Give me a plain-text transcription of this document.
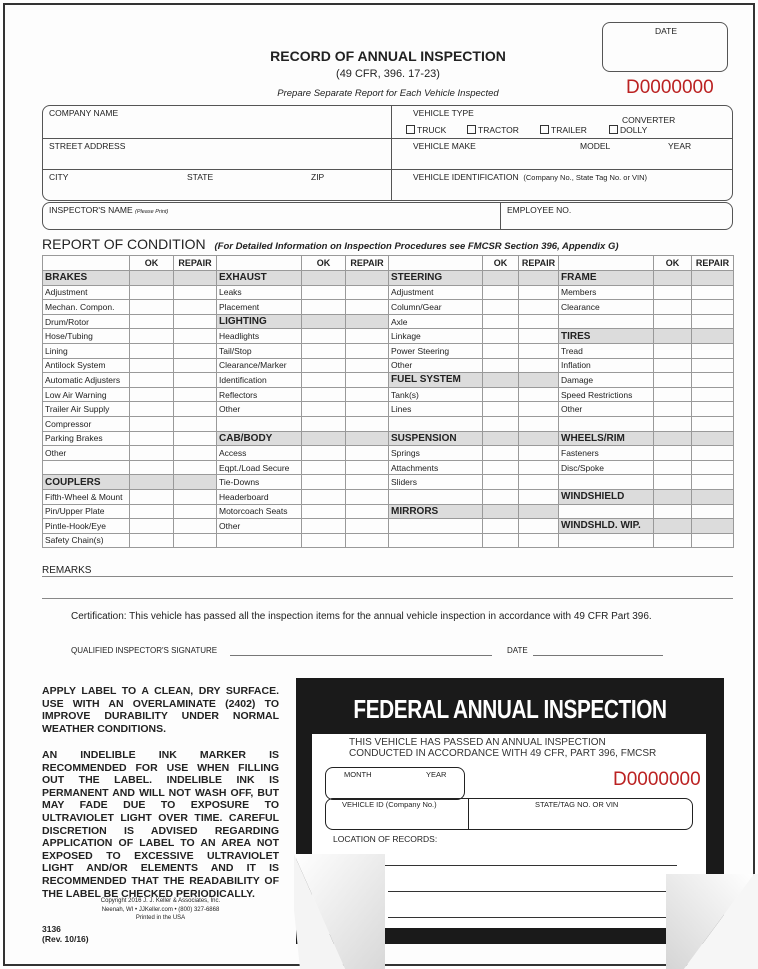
RECORD OF ANNUAL INSPECTION
(49 CFR, 396. 17-23)
Prepare Separate Report for Each Vehicle Inspected
DATE
D0000000
COMPANY NAME	VEHICLE TYPE
TRUCK	TRACTOR	TRAILER
CONVERTER
DOLLY
STREET ADDRESS	VEHICLE MAKE	MODEL	YEAR
CITY	STATE	ZIP	VEHICLE IDENTIFICATION (Company No., State Tag No. or VIN)
INSPECTOR'S NAME (Please Print)	EMPLOYEE NO.
REPORT OF CONDITION (For Detailed Information on Inspection Procedures see FMCSR Section 396, Appendix G)
	OK	REPAIR		OK	REPAIR		OK	REPAIR		OK	REPAIR
BRAKES			EXHAUST			STEERING			FRAME		
Adjustment			Leaks			Adjustment			Members		
Mechan. Compon.			Placement			Column/Gear			Clearance		
Drum/Rotor			LIGHTING			Axle					
Hose/Tubing			Headlights			Linkage			TIRES		
Lining			Tail/Stop			Power Steering			Tread		
Antilock System			Clearance/Marker			Other			Inflation		
Automatic Adjusters			Identification			FUEL SYSTEM			Damage		
Low Air Warning			Reflectors			Tank(s)			Speed Restrictions		
Trailer Air Supply			Other			Lines			Other		
Compressor											
Parking Brakes			CAB/BODY			SUSPENSION			WHEELS/RIM		
Other			Access			Springs			Fasteners		
			Eqpt./Load Secure			Attachments			Disc/Spoke		
COUPLERS			Tie-Downs			Sliders					
Fifth-Wheel & Mount			Headerboard						WINDSHIELD		
Pin/Upper Plate			Motorcoach Seats			MIRRORS					
Pintle-Hook/Eye			Other						WINDSHLD. WIP.		
Safety Chain(s)											
REMARKS
Certification: This vehicle has passed all the inspection items for the annual vehicle inspection in accordance with 49 CFR Part 396.
QUALIFIED INSPECTOR'S SIGNATURE	DATE
APPLY LABEL TO A CLEAN, DRY SURFACE. USE WITH AN OVERLAMINATE (2402) TO IMPROVE DURABILITY UNDER NORMAL WEATHER CONDITIONS.
AN INDELIBLE INK MARKER IS RECOMMENDED FOR USE WHEN FILLING OUT THE LABEL. INDELIBLE INK IS PERMANENT AND WILL NOT WASH OFF, BUT MAY FADE DUE TO EXPOSURE TO ULTRAVIOLET LIGHT OVER TIME. CAREFUL DISCRETION IS ADVISED REGARDING APPLICATION OF LABEL TO AN AREA NOT EXPOSED TO EXCESSIVE ULTRAVIOLET LIGHT AND/OR ELEMENTS AND IT IS RECOMMENDED THAT THE READABILITY OF THE LABEL BE CHECKED PERIODICALLY.
Copyright 2016 J. J. Keller & Associates, Inc.
Neenah, WI • JJKeller.com • (800) 327-6868
Printed in the USA
3136
(Rev. 10/16)
FEDERAL ANNUAL INSPECTION
THIS VEHICLE HAS PASSED AN ANNUAL INSPECTION
CONDUCTED IN ACCORDANCE WITH 49 CFR, PART 396, FMCSR
MONTH	YEAR	D0000000
VEHICLE ID (Company No.)	STATE/TAG NO. OR VIN
LOCATION OF RECORDS:
